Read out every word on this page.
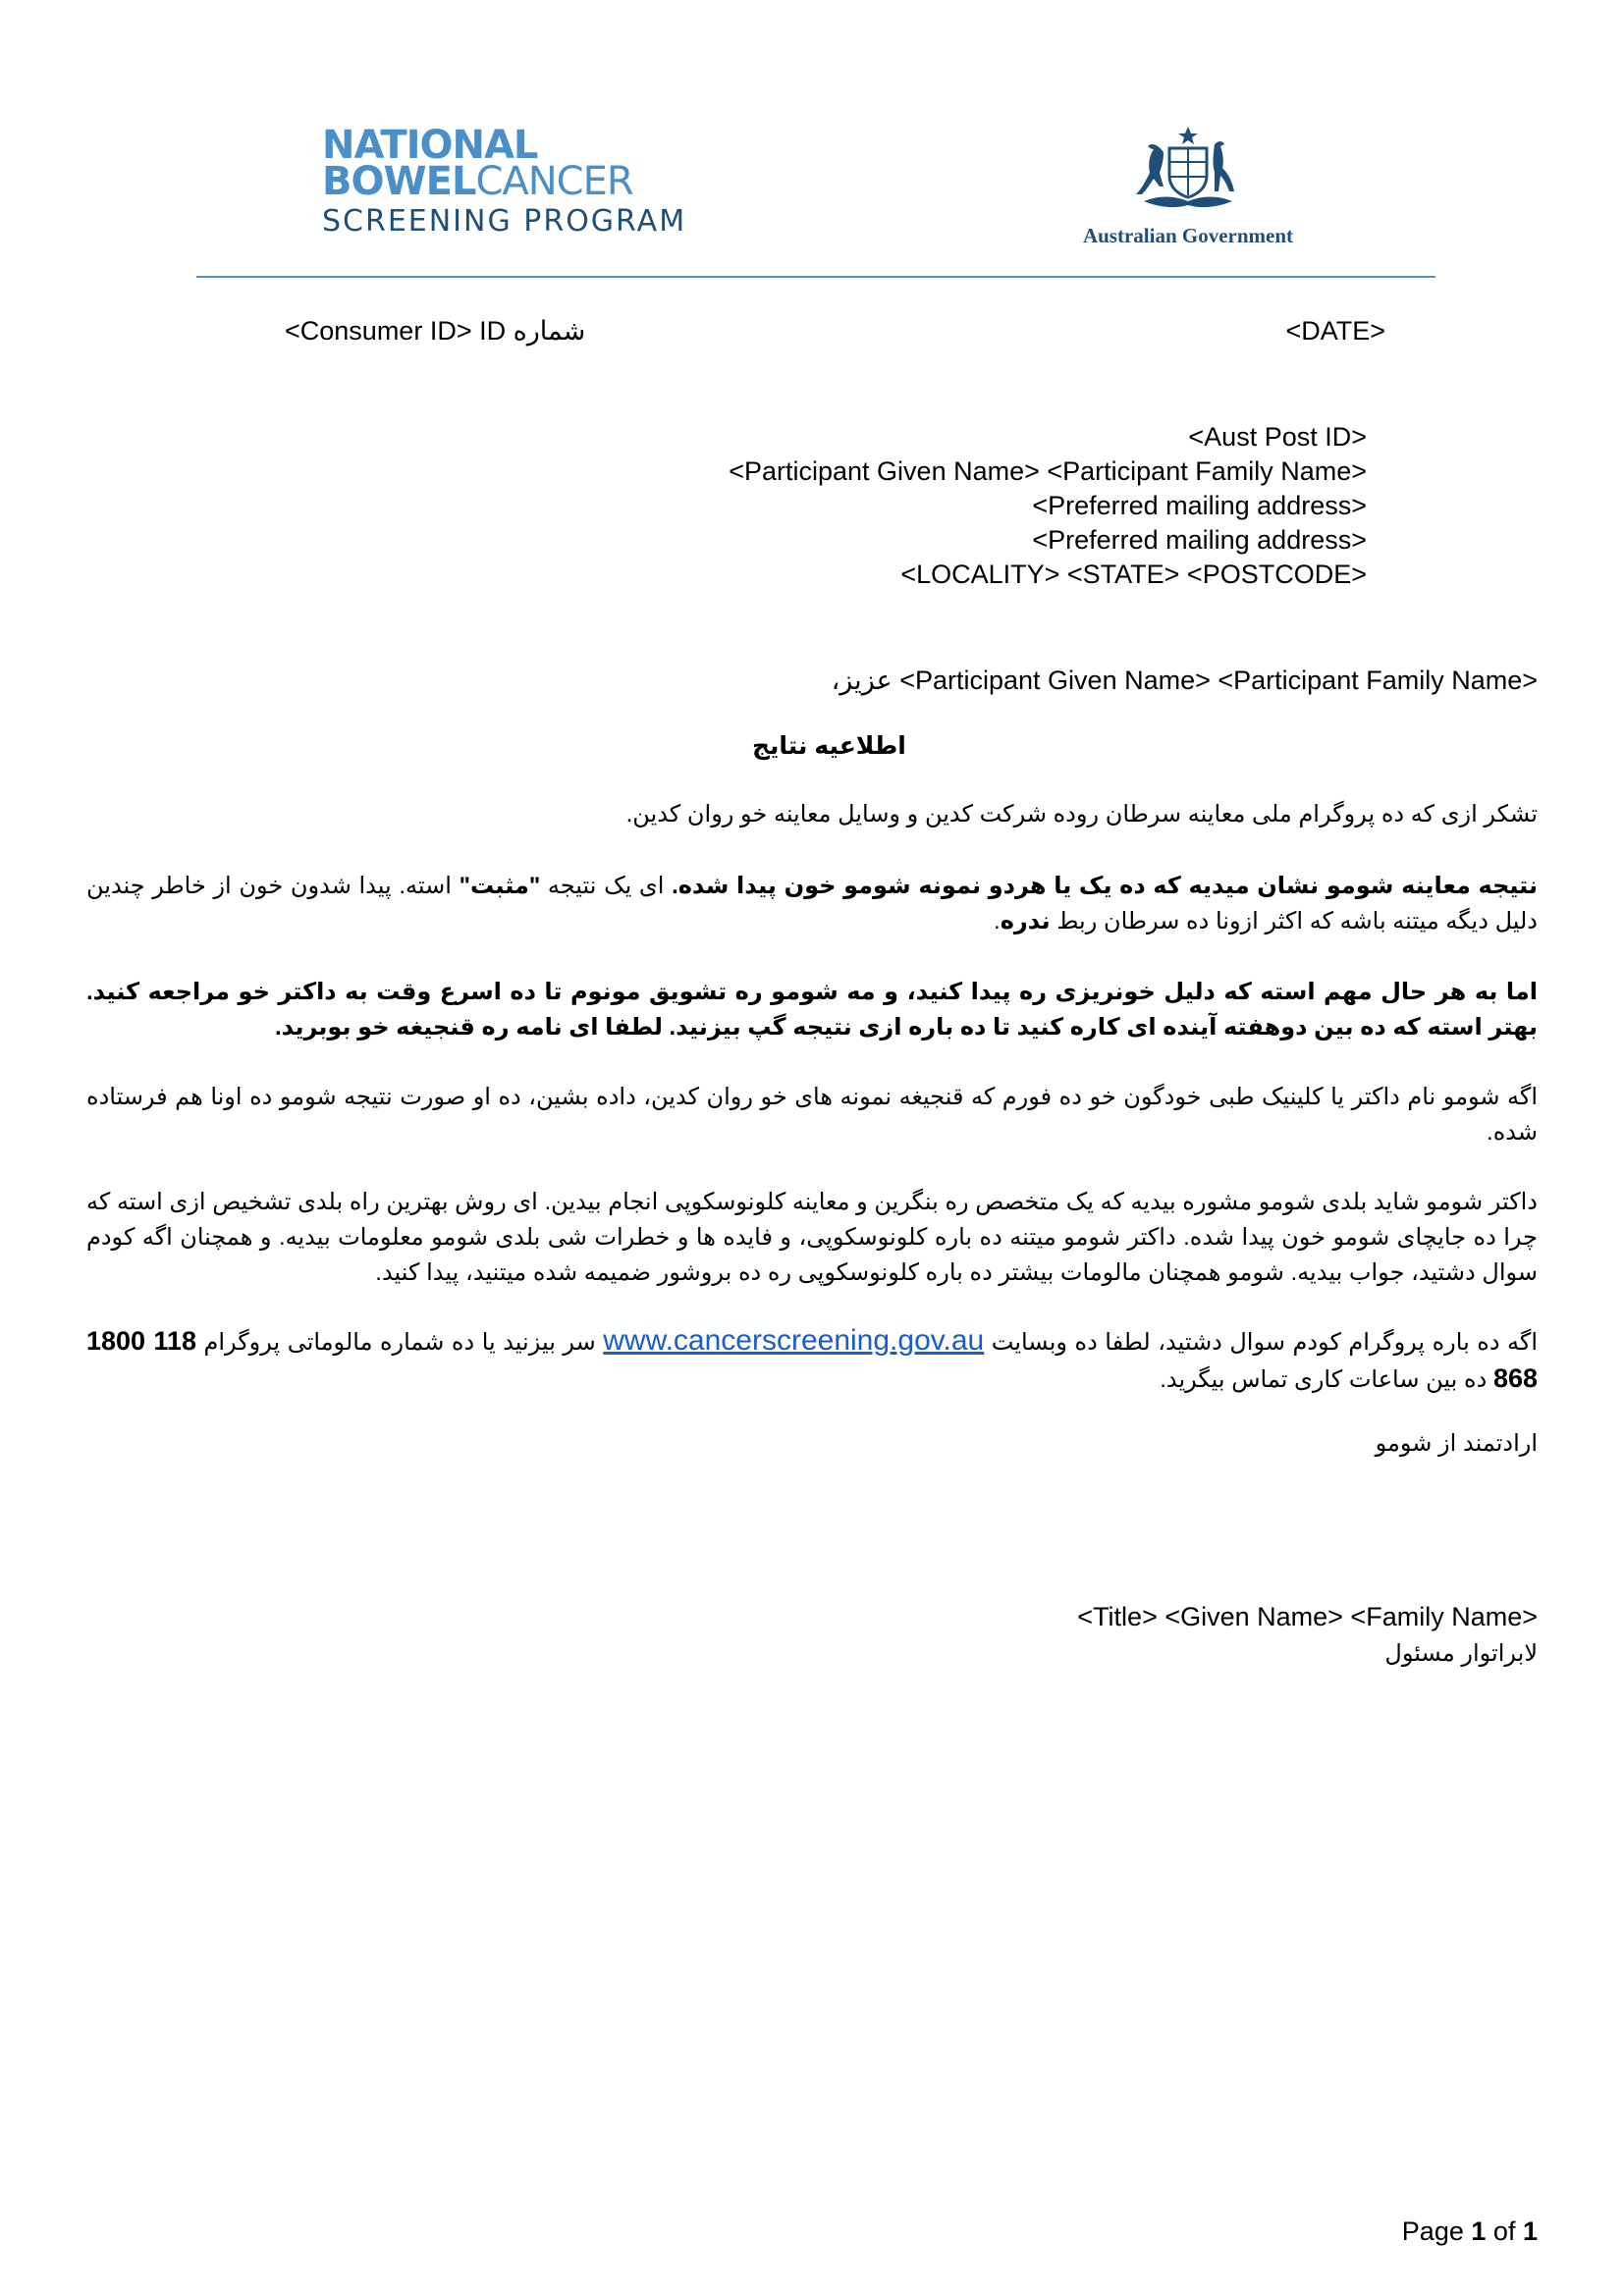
NATIONAL
BOWELCANCER
SCREENING PROGRAM	Australian Government
<Consumer ID> ID شماره	<DATE>
<Aust Post ID>
<Participant Given Name> <Participant Family Name>
<Preferred mailing address>
<Preferred mailing address>
<LOCALITY> <STATE> <POSTCODE>
<Participant Given Name> <Participant Family Name> عزیز،
اطلاعیه نتایج
تشکر ازی که ده پروگرام ملی معاینه سرطان روده شرکت کدین و وسایل معاینه خو روان کدین.
نتیجه معاینه شومو نشان میدیه که ده یک یا هردو نمونه شومو خون پیدا شده. ای یک نتیجه "مثبت" استه. پیدا شدون خون از خاطر چندین دلیل دیگه میتنه باشه که اکثر ازونا ده سرطان ربط ندره.
اما به هر حال مهم استه که دلیل خونریزی ره پیدا کنید، و مه شومو ره تشویق مونوم تا ده اسرع وقت به داکتر خو مراجعه کنید. بهتر استه که ده بین دوهفته آینده ای کاره کنید تا ده باره ازی نتیجه گپ بیزنید. لطفا ای نامه ره قنجیغه خو بوبرید.
اگه شومو نام داکتر یا کلینیک طبی خودگون خو ده فورم که قنجیغه نمونه های خو روان کدین، داده بشین، ده او صورت نتیجه شومو ده اونا هم فرستاده شده.
داکتر شومو شاید بلدی شومو مشوره بیدیه که یک متخصص ره بنگرین و معاینه کلونوسکوپی انجام بیدین. ای روش بهترین راه بلدی تشخیص ازی استه که چرا ده جایچای شومو خون پیدا شده. داکتر شومو میتنه ده باره کلونوسکوپی، و فایده ها و خطرات شی بلدی شومو معلومات بیدیه. و همچنان اگه کودم سوال دشتید، جواب بیدیه. شومو همچنان مالومات بیشتر ده باره کلونوسکوپی ره ده بروشور ضمیمه شده میتنید، پیدا کنید.
اگه ده باره پروگرام کودم سوال دشتید، لطفا ده وبسایت www.cancerscreening.gov.au سر بیزنید یا ده شماره مالوماتی پروگرام 1800 118 868 ده بین ساعات کاری تماس بیگرید.
ارادتمند از شومو
<Title> <Given Name> <Family Name>
لابراتوار مسئول
Page 1 of 1
